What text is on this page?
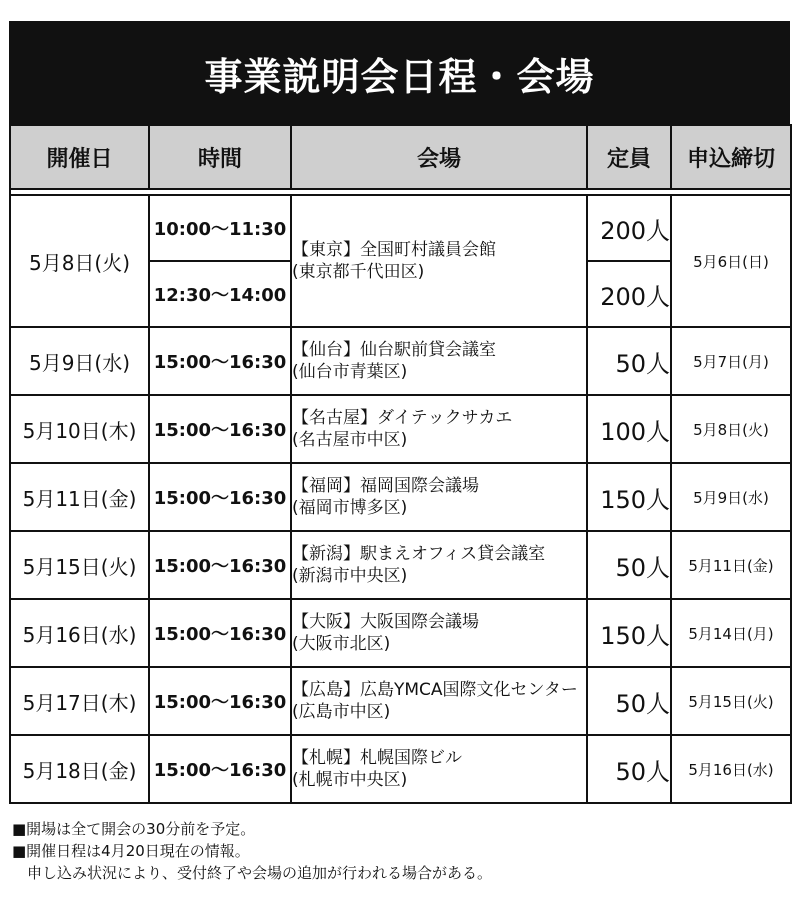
事業説明会日程・会場
開催日	時間	会場	定員	申込締切

5月8日(火)	10:00〜11:30	【東京】全国町村議員会館
(東京都千代田区)	200人	5月6日(日)
	12:30〜14:00		200人	
5月9日(水)	15:00〜16:30	【仙台】仙台駅前貸会議室
(仙台市青葉区)	50人	5月7日(月)
5月10日(木)	15:00〜16:30	【名古屋】ダイテックサカエ
(名古屋市中区)	100人	5月8日(火)
5月11日(金)	15:00〜16:30	【福岡】福岡国際会議場
(福岡市博多区)	150人	5月9日(水)
5月15日(火)	15:00〜16:30	【新潟】駅まえオフィス貸会議室
(新潟市中央区)	50人	5月11日(金)
5月16日(水)	15:00〜16:30	【大阪】大阪国際会議場
(大阪市北区)	150人	5月14日(月)
5月17日(木)	15:00〜16:30	【広島】広島YMCA国際文化センター
(広島市中区)	50人	5月15日(火)
5月18日(金)	15:00〜16:30	【札幌】札幌国際ビル
(札幌市中央区)	50人	5月16日(水)
■開場は全て開会の30分前を予定。
■開催日程は4月20日現在の情報。
　申し込み状況により、受付終了や会場の追加が行われる場合がある。
